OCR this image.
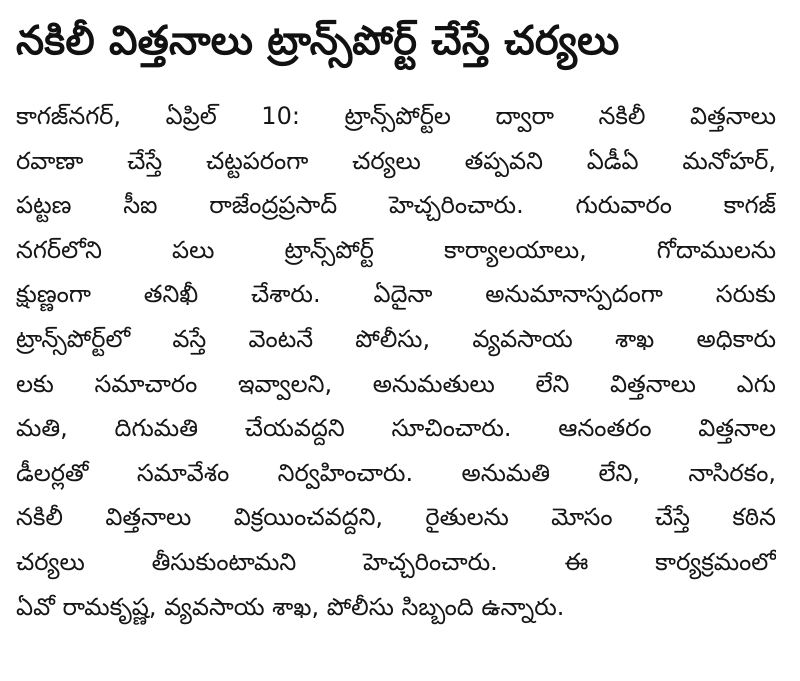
నకిలీ విత్తనాలు ట్రాన్స్‌పోర్ట్ చేస్తే చర్యలు
కాగజ్‌నగర్, ఏప్రిల్ 10: ట్రాన్స్‌పోర్ట్‌ల ద్వారా నకిలీ విత్తనాలు
రవాణా చేస్తే చట్టపరంగా చర్యలు తప్పవని ఏడీఏ మనోహర్,
పట్టణ సీఐ రాజేంద్రప్రసాద్ హెచ్చరించారు. గురువారం కాగజ్
నగర్‌లోని పలు ట్రాన్స్‌పోర్ట్ కార్యాలయాలు, గోదాములను
క్షుణ్ణంగా తనిఖీ చేశారు. ఏదైనా అనుమానాస్పదంగా సరుకు
ట్రాన్స్‌పోర్ట్‌లో వస్తే వెంటనే పోలీసు, వ్యవసాయ శాఖ అధికారు
లకు సమాచారం ఇవ్వాలని, అనుమతులు లేని విత్తనాలు ఎగు
మతి, దిగుమతి చేయవద్దని సూచించారు. ఆనంతరం విత్తనాల
డీలర్లతో సమావేశం నిర్వహించారు. అనుమతి లేని, నాసిరకం,
నకిలీ విత్తనాలు విక్రయించవద్దని, రైతులను మోసం చేస్తే కఠిన
చర్యలు తీసుకుంటామని హెచ్చరించారు. ఈ కార్యక్రమంలో
ఏవో రామకృష్ణ, వ్యవసాయ శాఖ, పోలీసు సిబ్బంది ఉన్నారు.
